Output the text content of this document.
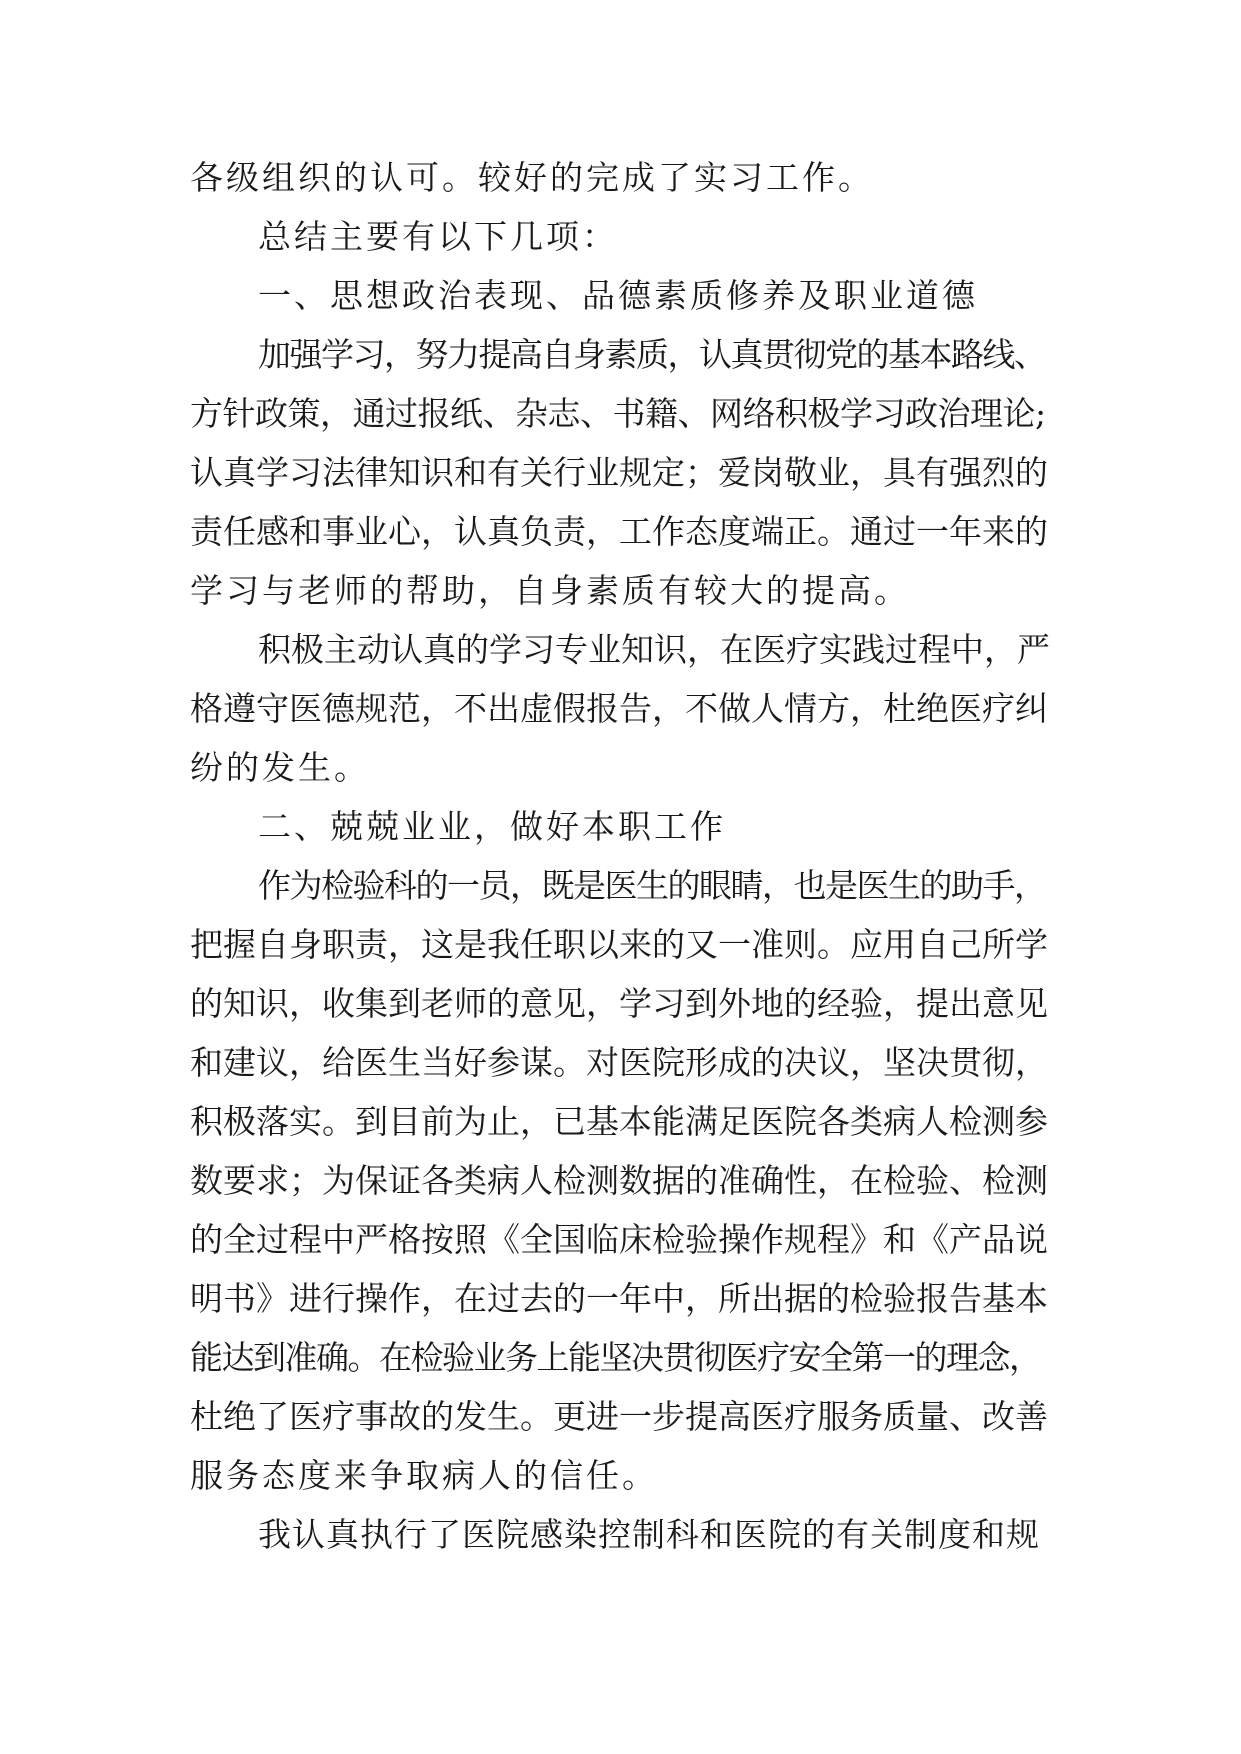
各级组织的认可。较好的完成了实习工作。
总结主要有以下几项：
一、思想政治表现、品德素质修养及职业道德
加强学习，努力提高自身素质，认真贯彻党的基本路线、
方针政策，通过报纸、杂志、书籍、网络积极学习政治理论;
认真学习法律知识和有关行业规定；爱岗敬业，具有强烈的
责任感和事业心，认真负责，工作态度端正。通过一年来的
学习与老师的帮助，自身素质有较大的提高。
积极主动认真的学习专业知识，在医疗实践过程中，严
格遵守医德规范，不出虚假报告，不做人情方，杜绝医疗纠
纷的发生。
二、兢兢业业，做好本职工作
作为检验科的一员，既是医生的眼睛，也是医生的助手，
把握自身职责，这是我任职以来的又一准则。应用自己所学
的知识，收集到老师的意见，学习到外地的经验，提出意见
和建议，给医生当好参谋。对医院形成的决议，坚决贯彻，
积极落实。到目前为止，已基本能满足医院各类病人检测参
数要求；为保证各类病人检测数据的准确性，在检验、检测
的全过程中严格按照《全国临床检验操作规程》和《产品说
明书》进行操作，在过去的一年中，所出据的检验报告基本
能达到准确。在检验业务上能坚决贯彻医疗安全第一的理念，
杜绝了医疗事故的发生。更进一步提高医疗服务质量、改善
服务态度来争取病人的信任。
我认真执行了医院感染控制科和医院的有关制度和规
